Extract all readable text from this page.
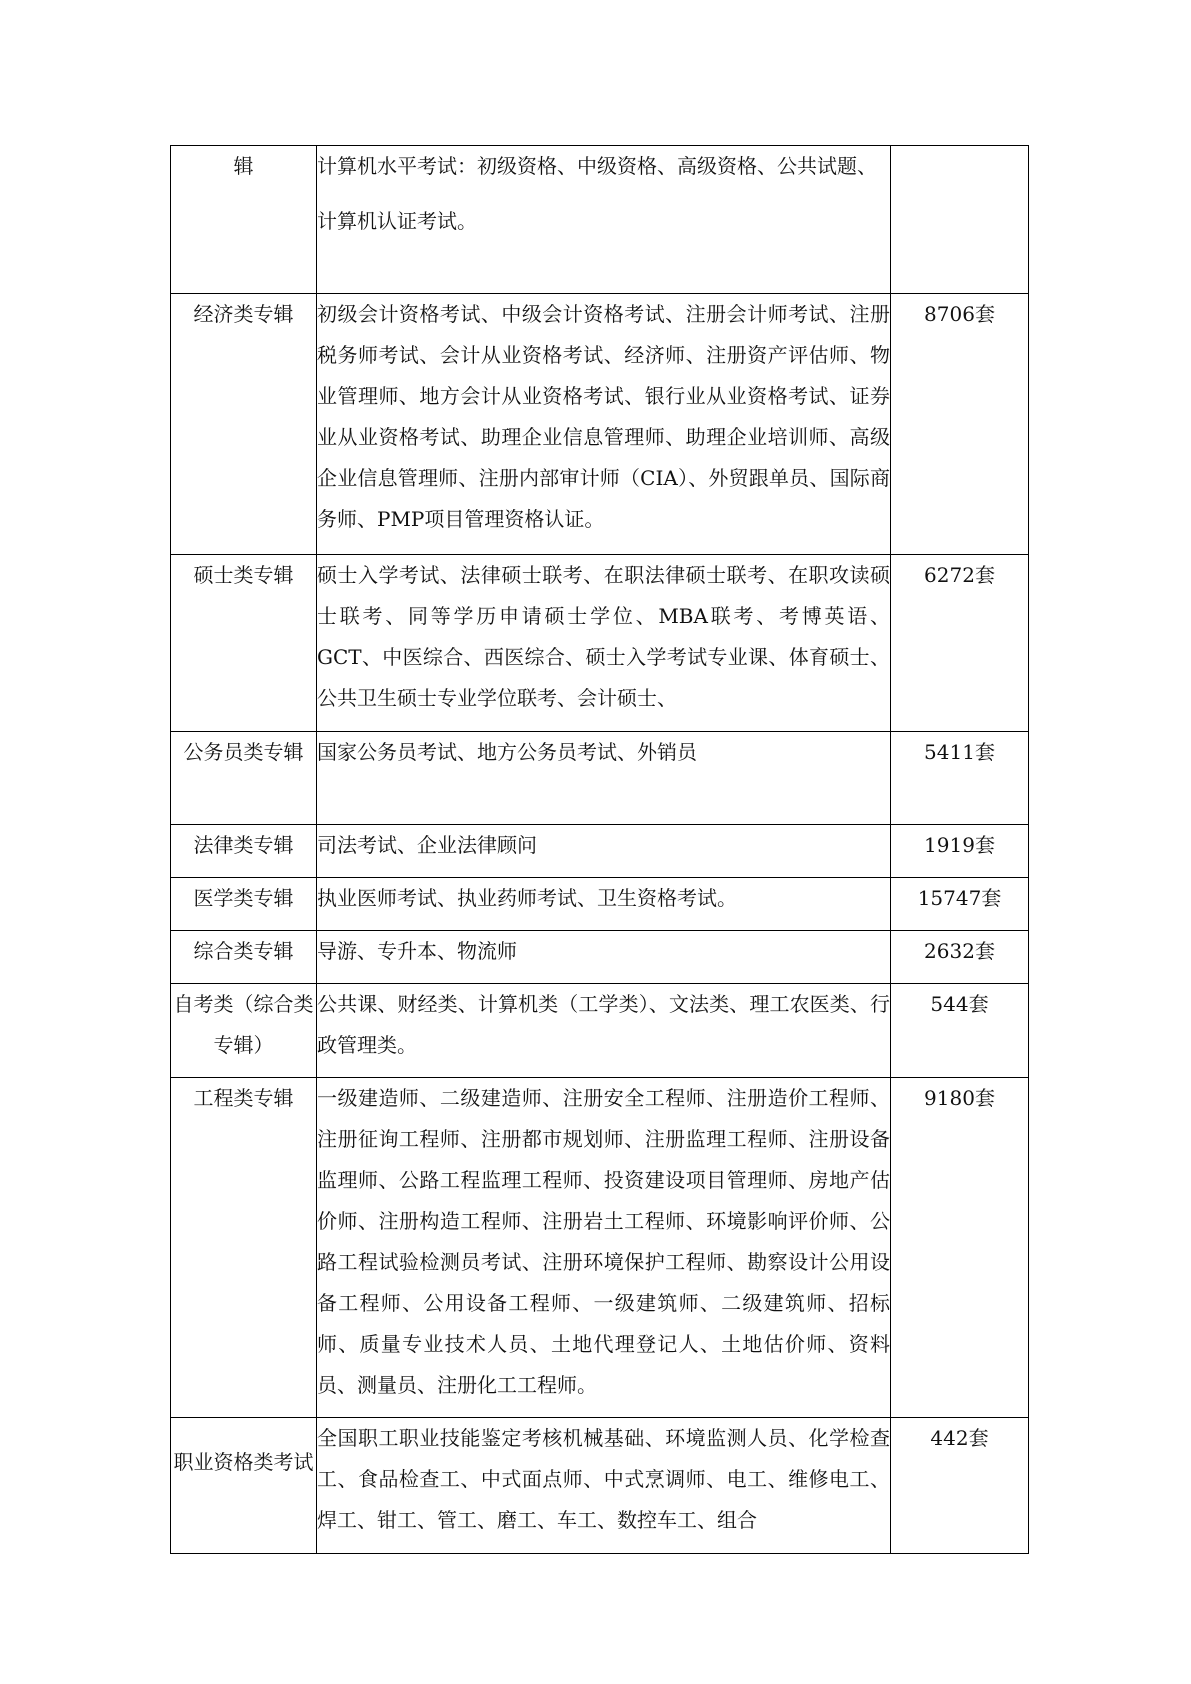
辑	计算机水平考试：初级资格、中级资格、高级资格、公共试题、

计算机认证考试。	

经济类专辑	初级会计资格考试、中级会计资格考试、注册会计师考试、注册税务师考试、会计从业资格考试、经济师、注册资产评估师、物业管理师、地方会计从业资格考试、银行业从业资格考试、证券业从业资格考试、助理企业信息管理师、助理企业培训师、高级企业信息管理师、注册内部审计师（CIA）、外贸跟单员、国际商务师、PMP项目管理资格认证。	8706套
硕士类专辑	硕士入学考试、法律硕士联考、在职法律硕士联考、在职攻读硕士联考、同等学历申请硕士学位、MBA联考、考博英语、GCT、中医综合、西医综合、硕士入学考试专业课、体育硕士、公共卫生硕士专业学位联考、会计硕士、	6272套
公务员类专辑	国家公务员考试、地方公务员考试、外销员	5411套
法律类专辑	司法考试、企业法律顾问	1919套
医学类专辑	执业医师考试、执业药师考试、卫生资格考试。	15747套
综合类专辑	导游、专升本、物流师	2632套
自考类（综合类专辑）	公共课、财经类、计算机类（工学类）、文法类、理工农医类、行政管理类。	544套
工程类专辑	一级建造师、二级建造师、注册安全工程师、注册造价工程师、注册征询工程师、注册都市规划师、注册监理工程师、注册设备监理师、公路工程监理工程师、投资建设项目管理师、房地产估价师、注册构造工程师、注册岩土工程师、环境影响评价师、公路工程试验检测员考试、注册环境保护工程师、勘察设计公用设备工程师、公用设备工程师、一级建筑师、二级建筑师、招标师、质量专业技术人员、土地代理登记人、土地估价师、资料员、测量员、注册化工工程师。	9180套
职业资格类考试	全国职工职业技能鉴定考核机械基础、环境监测人员、化学检查工、食品检查工、中式面点师、中式烹调师、电工、维修电工、焊工、钳工、管工、磨工、车工、数控车工、组合	442套
